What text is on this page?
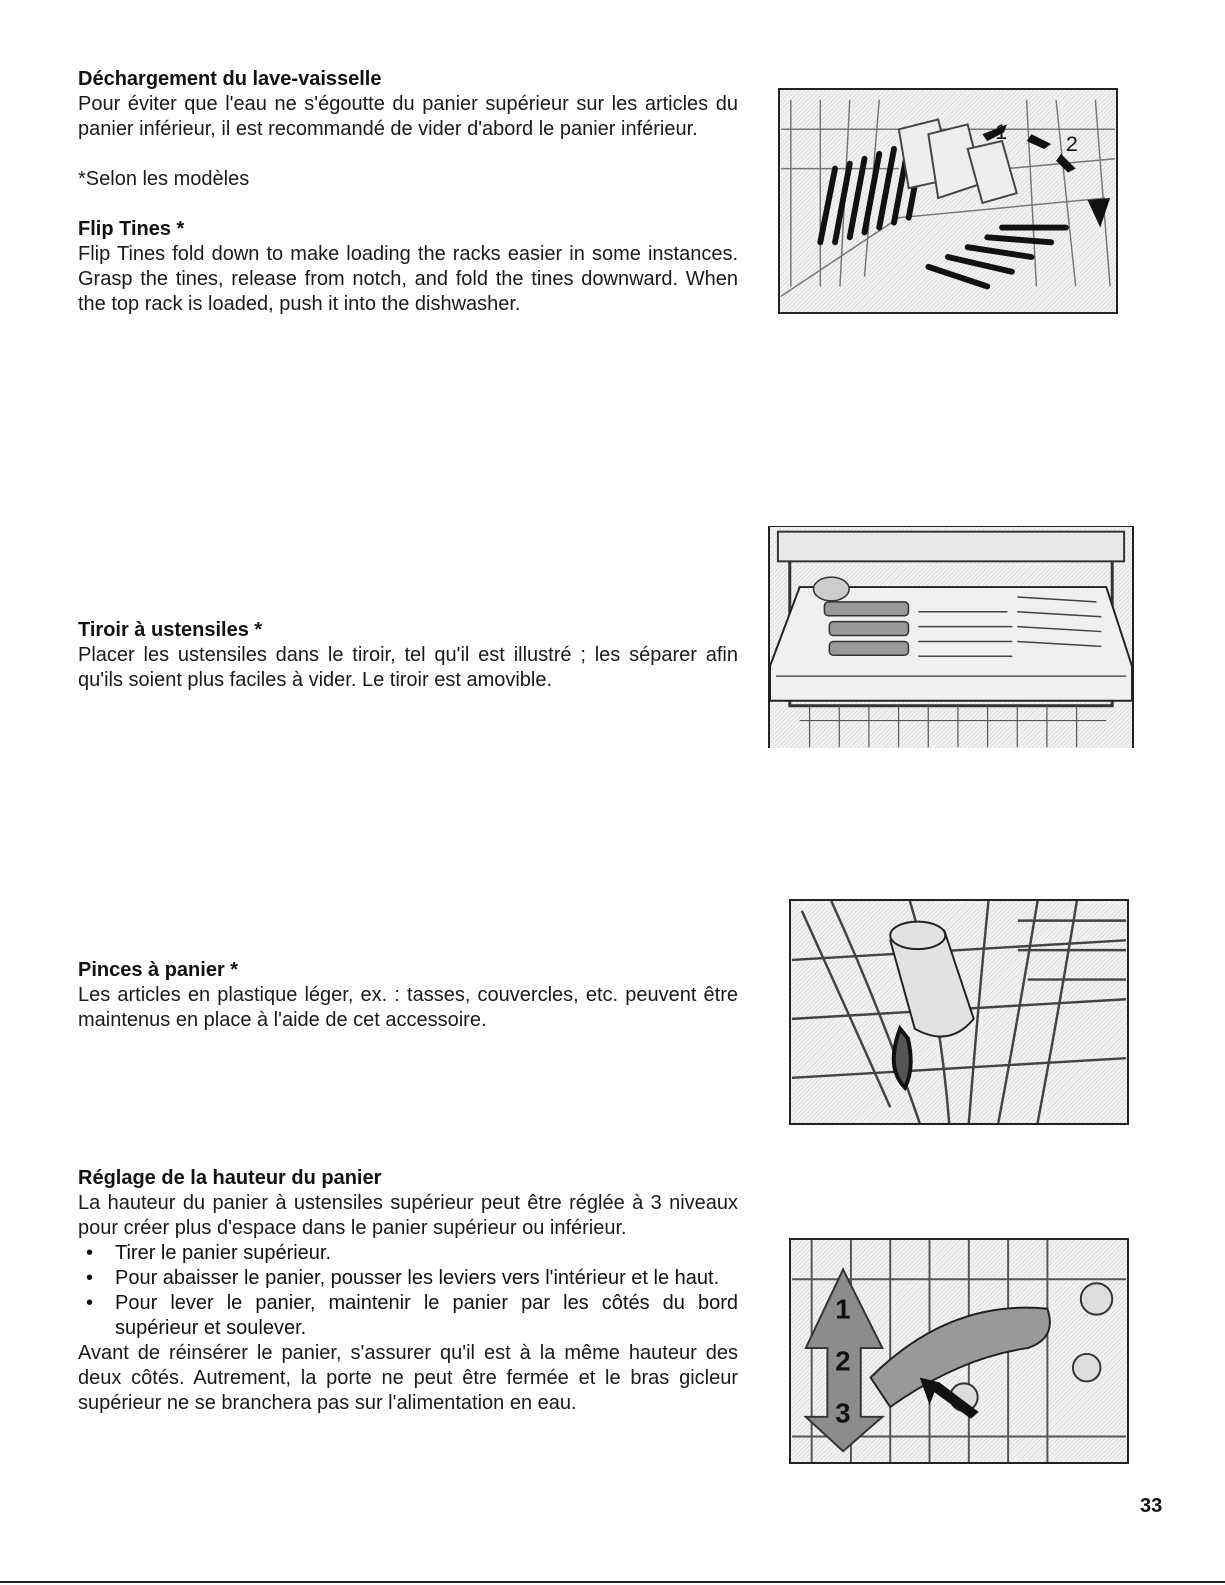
Déchargement du lave-vaisselle

Pour éviter que l'eau ne s'égoutte du panier supérieur sur les articles du panier inférieur, il est recommandé de vider d'abord le panier inférieur.

*Selon les modèles

Flip Tines *

Flip Tines fold down to make loading the racks easier in some instances. Grasp the tines, release from notch, and fold the tines downward. When the top rack is loaded, push it into the dishwasher.

Tiroir à ustensiles *

Placer les ustensiles dans le tiroir, tel qu'il est illustré ; les séparer afin qu'ils soient plus faciles à vider. Le tiroir est amovible.

Pinces à panier *

Les articles en plastique léger, ex. : tasses, couvercles, etc. peuvent être maintenus en place à l'aide de cet accessoire.

Réglage de la hauteur du panier

La hauteur du panier à ustensiles supérieur peut être réglée à 3 niveaux pour créer plus d'espace dans le panier supérieur ou inférieur.

• Tirer le panier supérieur.
• Pour abaisser le panier, pousser les leviers vers l'intérieur et le haut.
• Pour lever le panier, maintenir le panier par les côtés du bord supérieur et soulever.

Avant de réinsérer le panier, s'assurer qu'il est à la même hauteur des deux côtés. Autrement, la porte ne peut être fermée et le bras gicleur supérieur ne se branchera pas sur l'alimentation en eau.

1	2
1
2
3
33
